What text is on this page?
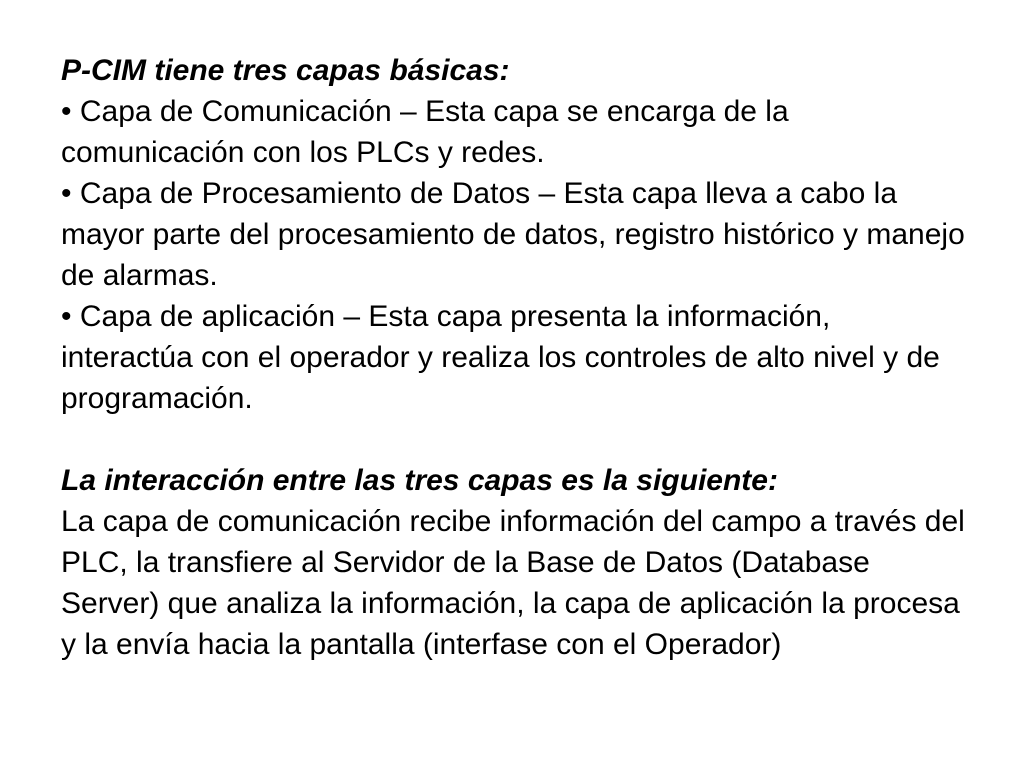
P-CIM tiene tres capas básicas:

• Capa de Comunicación – Esta capa se encarga de la comunicación con los PLCs y redes.
• Capa de Procesamiento de Datos – Esta capa lleva a cabo la mayor parte del procesamiento de datos, registro histórico y manejo de alarmas.
• Capa de aplicación – Esta capa presenta la información, interactúa con el operador y realiza los controles de alto nivel y de programación.

La interacción entre las tres capas es la siguiente:

La capa de comunicación recibe información del campo a través del PLC, la transfiere al Servidor de la Base de Datos (Database Server) que analiza la información, la capa de aplicación la procesa y la envía hacia la pantalla (interfase con el Operador)
